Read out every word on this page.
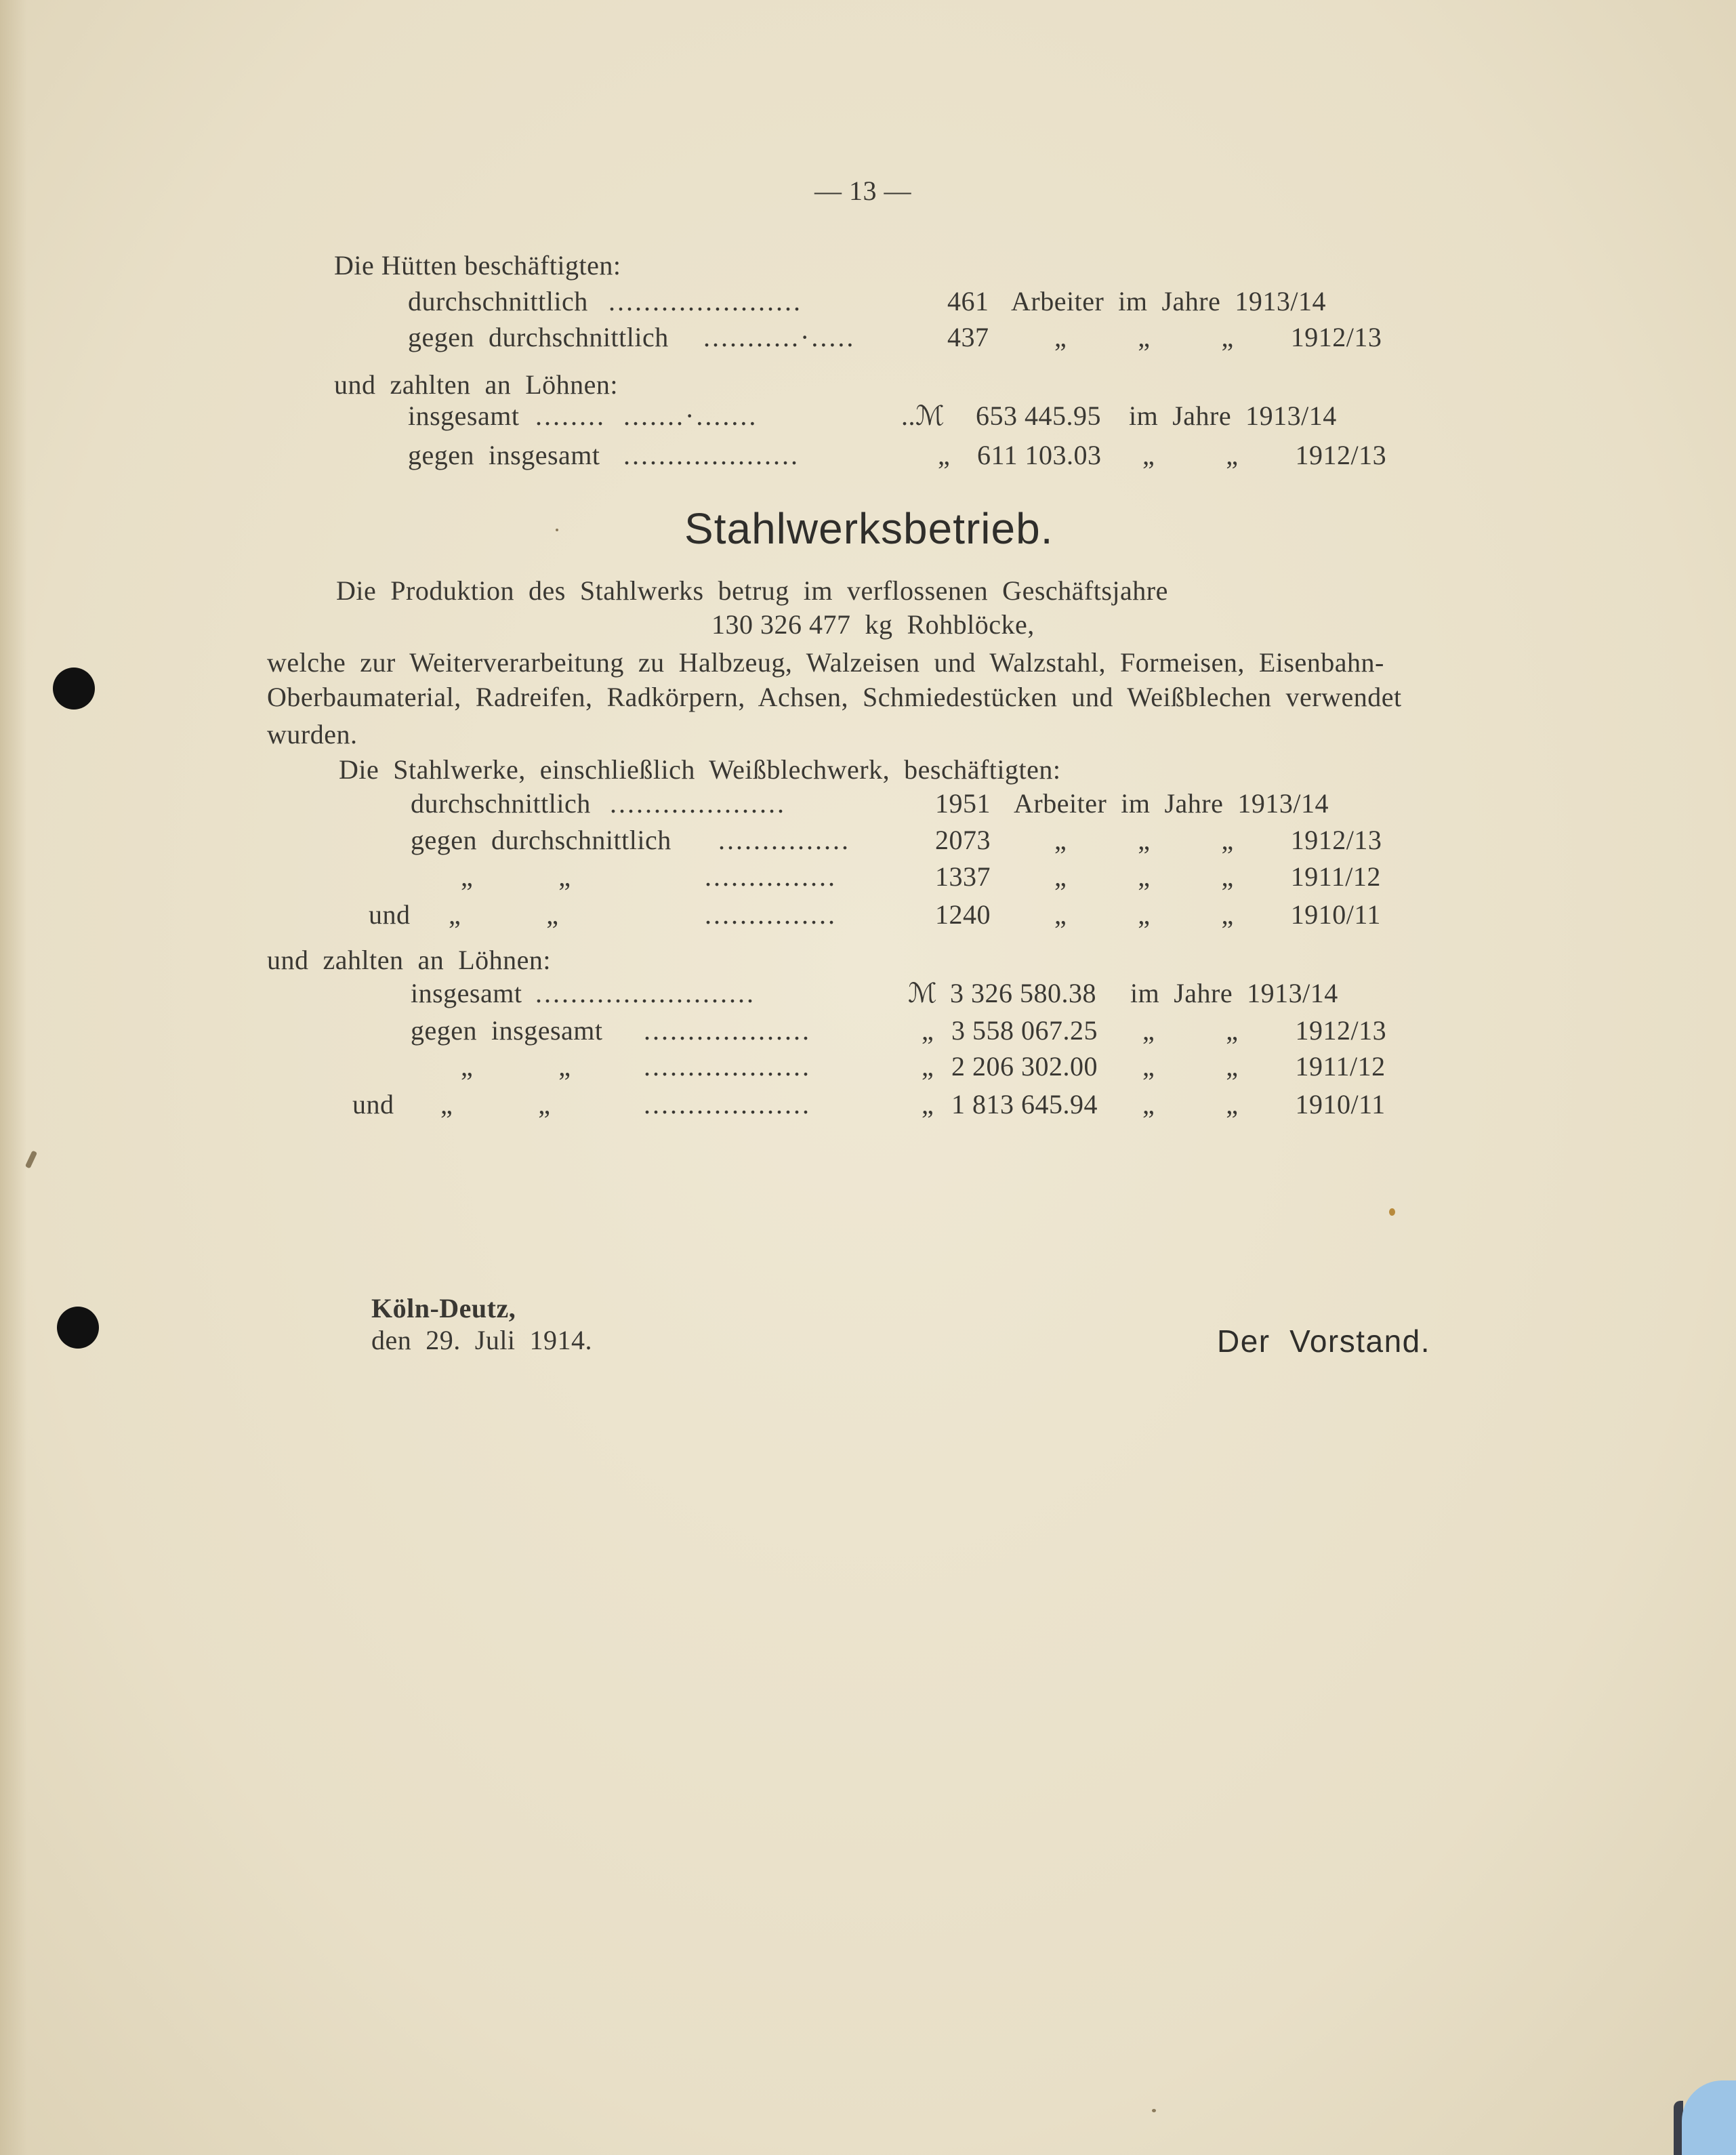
— 13 —
Die Hütten beschäftigten:
durchschnittlich ......................	461 Arbeiter  im  Jahre  1913/14
gegen  durchschnittlich ...........·.....	437 „          „          „        1912/13
und  zahlten  an  Löhnen:
insgesamt ........  .......·.......	..ℳ 653 445.95 im  Jahre  1913/14
gegen  insgesamt ....................	„ 611 103.03 „          „        1912/13
Stahlwerksbetrieb.
Die  Produktion  des  Stahlwerks  betrug  im  verflossenen  Geschäftsjahre
130 326 477  kg  Rohblöcke,
welche  zur  Weiterverarbeitung  zu  Halbzeug,  Walzeisen  und  Walzstahl,  Formeisen,  Eisenbahn-
Oberbaumaterial,  Radreifen,  Radkörpern,  Achsen,  Schmiedestücken  und  Weißblechen  verwendet
wurden.
Die  Stahlwerke,  einschließlich  Weißblechwerk,  beschäftigten:
durchschnittlich ....................	1951 Arbeiter  im  Jahre  1913/14
gegen  durchschnittlich ...............	2073 „          „          „        1912/13
„            „	...............	1337 „          „          „        1911/12
und „            „	...............	1240 „          „          „        1910/11
und  zahlten  an  Löhnen:
insgesamt .........................	ℳ 3 326 580.38 im  Jahre  1913/14
gegen  insgesamt ...................	„ 3 558 067.25 „          „        1912/13
„            „	...................	„ 2 206 302.00 „          „        1911/12
und „            „	...................	„ 1 813 645.94 „          „        1910/11

Köln-Deutz,
den  29.  Juli  1914.
	Der  Vorstand.
